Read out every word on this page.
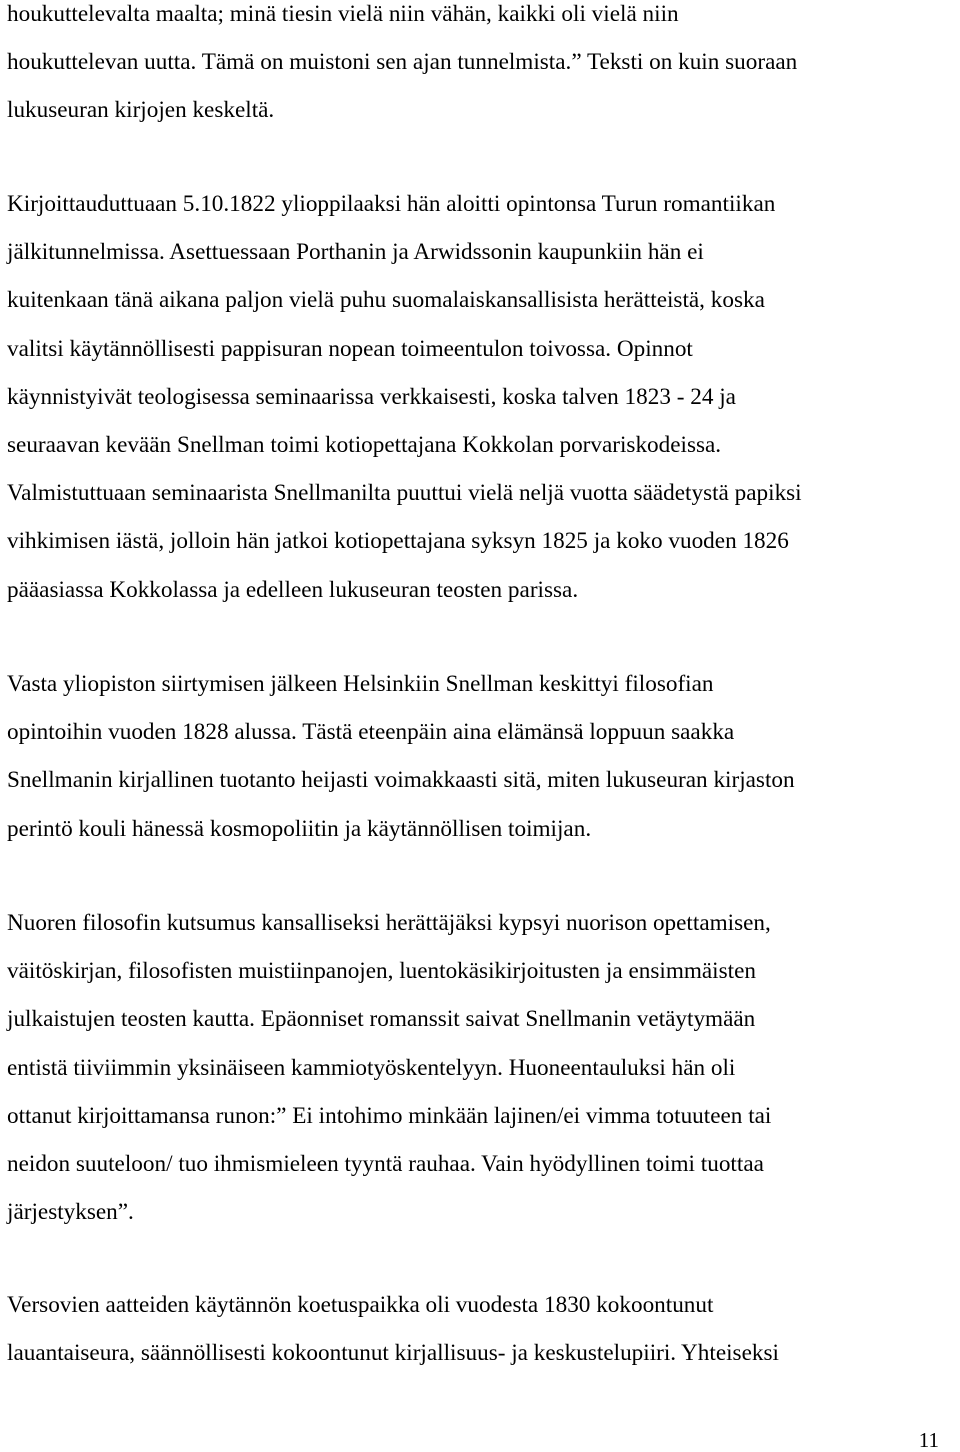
houkuttelevalta maalta; minä tiesin vielä niin vähän, kaikki oli vielä niin
houkuttelevan uutta. Tämä on muistoni sen ajan tunnelmista.” Teksti on kuin suoraan
lukuseuran kirjojen keskeltä.

Kirjoittauduttuaan 5.10.1822 ylioppilaaksi hän aloitti opintonsa Turun romantiikan
jälkitunnelmissa. Asettuessaan Porthanin ja Arwidssonin kaupunkiin hän ei
kuitenkaan tänä aikana paljon vielä puhu suomalaiskansallisista herätteistä, koska
valitsi käytännöllisesti pappisuran nopean toimeentulon toivossa. Opinnot
käynnistyivät teologisessa seminaarissa verkkaisesti, koska talven 1823 - 24 ja
seuraavan kevään Snellman toimi kotiopettajana Kokkolan porvariskodeissa.
Valmistuttuaan seminaarista Snellmanilta puuttui vielä neljä vuotta säädetystä papiksi
vihkimisen iästä, jolloin hän jatkoi kotiopettajana syksyn 1825 ja koko vuoden 1826
pääasiassa Kokkolassa ja edelleen lukuseuran teosten parissa.

Vasta yliopiston siirtymisen jälkeen Helsinkiin Snellman keskittyi filosofian
opintoihin vuoden 1828 alussa. Tästä eteenpäin aina elämänsä loppuun saakka
Snellmanin kirjallinen tuotanto heijasti voimakkaasti sitä, miten lukuseuran kirjaston
perintö kouli hänessä kosmopoliitin ja käytännöllisen toimijan.

Nuoren filosofin kutsumus kansalliseksi herättäjäksi kypsyi nuorison opettamisen,
väitöskirjan, filosofisten muistiinpanojen, luentokäsikirjoitusten ja ensimmäisten
julkaistujen teosten kautta. Epäonniset romanssit saivat Snellmanin vetäytymään
entistä tiiviimmin yksinäiseen kammiotyöskentelyyn. Huoneentauluksi hän oli
ottanut kirjoittamansa runon:” Ei intohimo minkään lajinen/ei vimma totuuteen tai
neidon suuteloon/ tuo ihmismieleen tyyntä rauhaa. Vain hyödyllinen toimi tuottaa
järjestyksen”.

Versovien aatteiden käytännön koetuspaikka oli vuodesta 1830 kokoontunut
lauantaiseura, säännöllisesti kokoontunut kirjallisuus- ja keskustelupiiri. Yhteiseksi

11
